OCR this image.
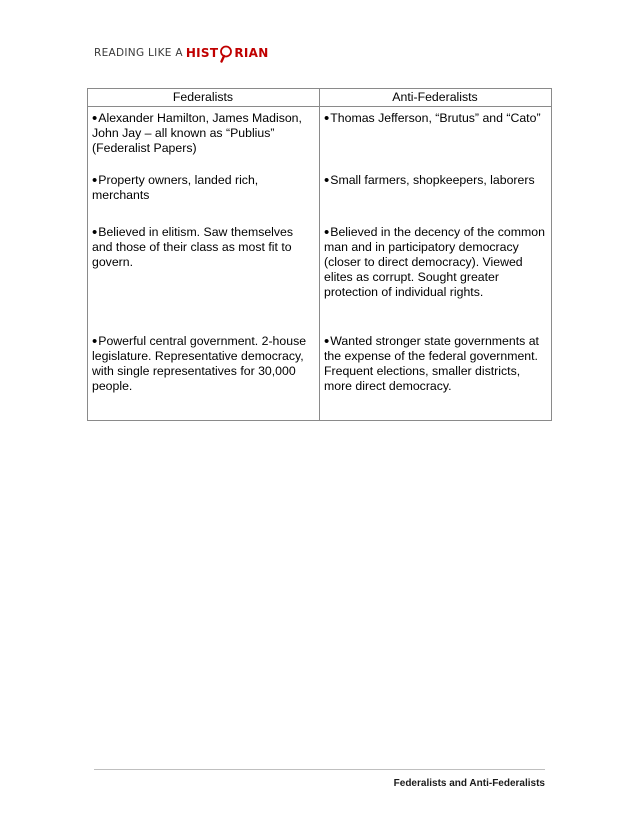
READING LIKE A HIST RIAN
Federalists	Anti-Federalists
•Alexander Hamilton, James Madison, John Jay – all known as “Publius” (Federalist Papers)	•Thomas Jefferson, “Brutus” and “Cato”
•Property owners, landed rich, merchants	•Small farmers, shopkeepers, laborers
•Believed in elitism. Saw themselves and those of their class as most fit to govern.	•Believed in the decency of the common man and in participatory democracy (closer to direct democracy). Viewed elites as corrupt. Sought greater protection of individual rights.
•Powerful central government. 2-house legislature. Representative democracy, with single representatives for 30,000 people.	•Wanted stronger state governments at the expense of the federal government. Frequent elections, smaller districts, more direct democracy.
Federalists and Anti-Federalists
